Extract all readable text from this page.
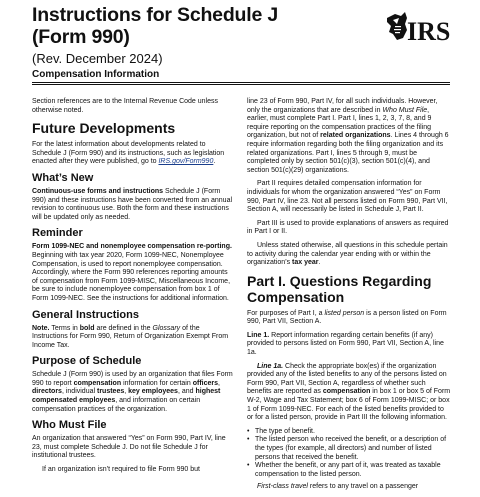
Instructions for Schedule J
(Form 990)
(Rev. December 2024)
Compensation Information
IRS

Section references are to the Internal Revenue Code unless otherwise noted.

Future Developments

For the latest information about developments related to Schedule J (Form 990) and its instructions, such as legislation enacted after they were published, go to IRS.gov/Form990.

What’s New

Continuous-use forms and instructions Schedule J (Form 990) and these instructions have been converted from an annual revision to continuous use. Both the form and these instructions will be updated only as needed.

Reminder

Form 1099-NEC and nonemployee compensation re-porting. Beginning with tax year 2020, Form 1099-NEC, Nonemployee Compensation, is used to report nonemployee compensation. Accordingly, where the Form 990 references reporting amounts of compensation from Form 1099-MISC, Miscellaneous Income, be sure to include nonemployee compensation from box 1 of Form 1099-NEC. See the instructions for additional information.

General Instructions

Note. Terms in bold are defined in the Glossary of the Instructions for Form 990, Return of Organization Exempt From Income Tax.

Purpose of Schedule

Schedule J (Form 990) is used by an organization that files Form 990 to report compensation information for certain officers, directors, individual trustees, key employees, and highest compensated employees, and information on certain compensation practices of the organization.

Who Must File

An organization that answered “Yes” on Form 990, Part IV, line 23, must complete Schedule J. Do not file Schedule J for institutional trustees.

If an organization isn’t required to file Form 990 but

line 23 of Form 990, Part IV, for all such individuals. However, only the organizations that are described in Who Must File, earlier, must complete Part I. Part I, lines 1, 2, 3, 7, 8, and 9 require reporting on the compensation practices of the filing organization, but not of related organizations. Lines 4 through 6 require information regarding both the filing organization and its related organizations. Part I, lines 5 through 9, must be completed only by section 501(c)(3), section 501(c)(4), and section 501(c)(29) organizations.

Part II requires detailed compensation information for individuals for whom the organization answered “Yes” on Form 990, Part IV, line 23. Not all persons listed on Form 990, Part VII, Section A, will necessarily be listed in Schedule J, Part II.

Part III is used to provide explanations of answers as required in Part I or II.

Unless stated otherwise, all questions in this schedule pertain to activity during the calendar year ending with or within the organization’s tax year.

Part I. Questions Regarding Compensation

For purposes of Part I, a listed person is a person listed on Form 990, Part VII, Section A.

Line 1. Report information regarding certain benefits (if any) provided to persons listed on Form 990, Part VII, Section A, line 1a.

Line 1a. Check the appropriate box(es) if the organization provided any of the listed benefits to any of the persons listed on Form 990, Part VII, Section A, regardless of whether such benefits are reported as compensation in box 1 or box 5 of Form W-2, Wage and Tax Statement; box 6 of Form 1099-MISC; or box 1 of Form 1099-NEC. For each of the listed benefits provided to or for a listed person, provide in Part III the following information.

• The type of benefit.
• The listed person who received the benefit, or a description of the types (for example, all directors) and number of listed persons that received the benefit.
• Whether the benefit, or any part of it, was treated as taxable compensation to the listed person.

First-class travel refers to any travel on a passenger
